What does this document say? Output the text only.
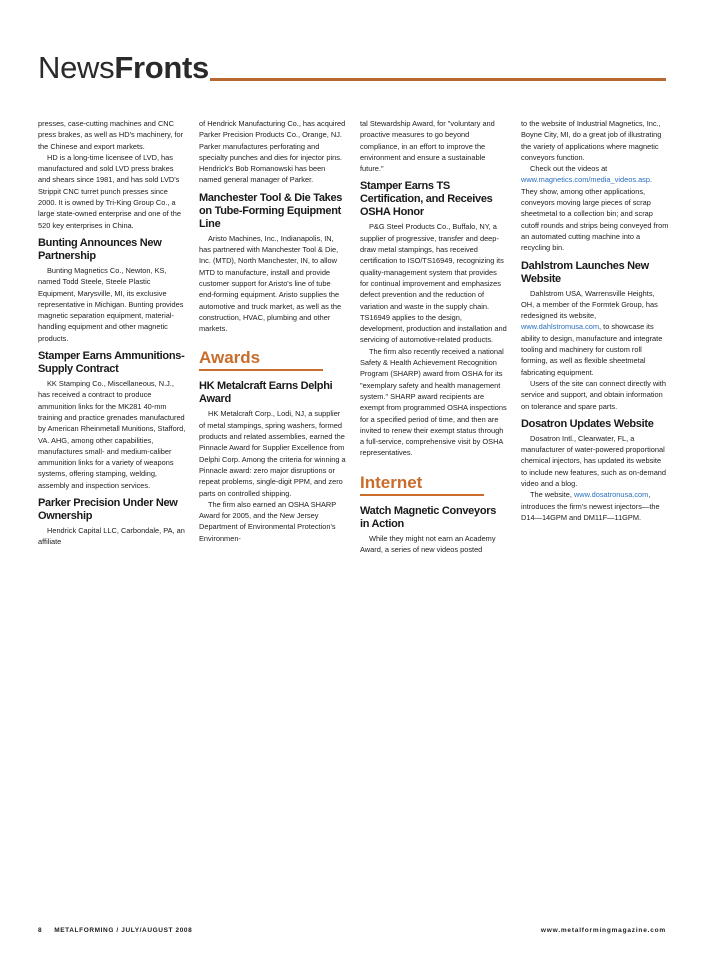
NewsFronts

presses, case-cutting machines and CNC press brakes, as well as HD's machinery, for the Chinese and export markets.

HD is a long-time licensee of LVD, has manufactured and sold LVD press brakes and shears since 1981, and has sold LVD's Strippit CNC turret punch presses since 2000. It is owned by Tri-King Group Co., a large state-owned enterprise and one of the 520 key enterprises in China.

Bunting Announces New Partnership

Bunting Magnetics Co., Newton, KS, named Todd Steele, Steele Plastic Equipment, Marysville, MI, its exclusive representative in Michigan. Bunting provides magnetic separation equipment, material-handling equipment and other magnetic products.

Stamper Earns Ammunitions-Supply Contract

KK Stamping Co., Miscellaneous, N.J., has received a contract to produce ammunition links for the MK281 40-mm training and practice grenades manufactured by American Rheinmetall Munitions, Stafford, VA. AHG, among other capabilities, manufactures small- and medium-caliber ammunition links for a variety of weapons systems, offering stamping, welding, assembly and inspection services.

Parker Precision Under New Ownership

Hendrick Capital LLC, Carbondale, PA, an affiliate

of Hendrick Manufacturing Co., has acquired Parker Precision Products Co., Orange, NJ. Parker manufactures perforating and specialty punches and dies for injector pins. Hendrick's Bob Romanowski has been named general manager of Parker.

Manchester Tool & Die Takes on Tube-Forming Equipment Line

Aristo Machines, Inc., Indianapolis, IN, has partnered with Manchester Tool & Die, Inc. (MTD), North Manchester, IN, to allow MTD to manufacture, install and provide customer support for Aristo's line of tube end-forming equipment. Aristo supplies the automotive and truck market, as well as the construction, HVAC, plumbing and other markets.

Awards
HK Metalcraft Earns Delphi Award

HK Metalcraft Corp., Lodi, NJ, a supplier of metal stampings, spring washers, formed products and related assemblies, earned the Pinnacle Award for Supplier Excellence from Delphi Corp. Among the criteria for winning a Pinnacle award: zero major disruptions or repeat problems, single-digit PPM, and zero parts on controlled shipping.

The firm also earned an OSHA SHARP Award for 2005, and the New Jersey Department of Environmental Protection's Environmen-

tal Stewardship Award, for "voluntary and proactive measures to go beyond compliance, in an effort to improve the environment and ensure a sustainable future."

Stamper Earns TS Certification, and Receives OSHA Honor

P&G Steel Products Co., Buffalo, NY, a supplier of progressive, transfer and deep-draw metal stampings, has received certification to ISO/TS16949, recognizing its quality-management system that provides for continual improvement and emphasizes defect prevention and the reduction of variation and waste in the supply chain. TS16949 applies to the design, development, production and installation and servicing of automotive-related products.

The firm also recently received a national Safety & Health Achievement Recognition Program (SHARP) award from OSHA for its "exemplary safety and health management system." SHARP award recipients are exempt from programmed OSHA inspections for a specified period of time, and then are invited to renew their exempt status through a full-service, comprehensive visit by OSHA representatives.

Internet
Watch Magnetic Conveyors in Action

While they might not earn an Academy Award, a series of new videos posted

to the website of Industrial Magnetics, Inc., Boyne City, MI, do a great job of illustrating the variety of applications where magnetic conveyors function.

Check out the videos at www.magnetics.com/media_videos.asp. They show, among other applications, conveyors moving large pieces of scrap sheetmetal to a collection bin; and scrap cutoff rounds and strips being conveyed from an automated cutting machine into a recycling bin.

Dahlstrom Launches New Website

Dahlstrom USA, Warrensville Heights, OH, a member of the Formtek Group, has redesigned its website, www.dahlstromusa.com, to showcase its ability to design, manufacture and integrate tooling and machinery for custom roll forming, as well as flexible sheetmetal fabricating equipment.

Users of the site can connect directly with service and support, and obtain information on tolerance and spare parts.

Dosatron Updates Website

Dosatron Intl., Clearwater, FL, a manufacturer of water-powered proportional chemical injectors, has updated its website to include new features, such as on-demand video and a blog.

The website, www.dosatronusa.com, introduces the firm's newest injectors—the D14—14GPM and DM11F—11GPM.

8 METALFORMING / JULY/AUGUST 2008	www.metalformingmagazine.com
